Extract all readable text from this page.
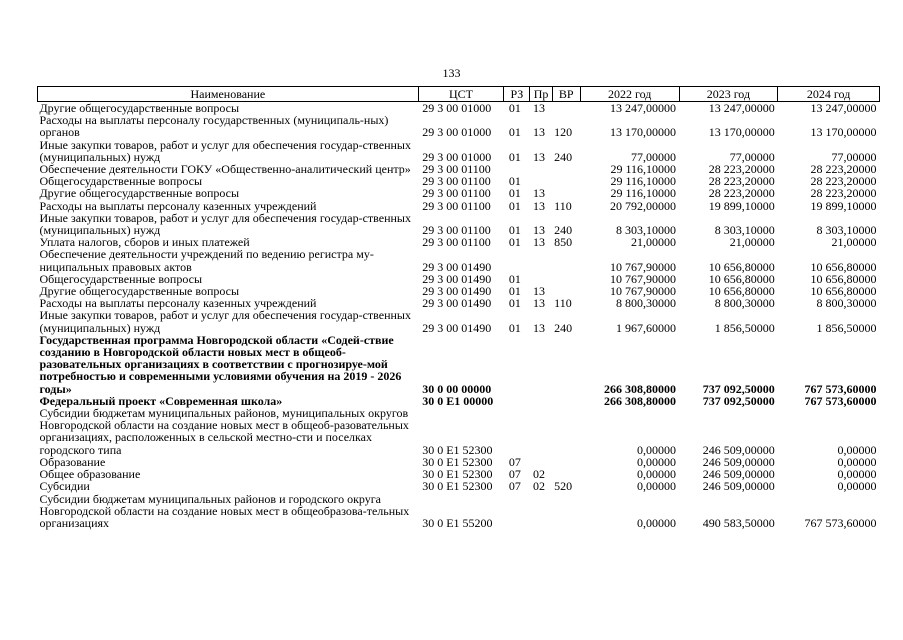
133
Наименование	ЦСТ	РЗ	Пр	ВР	2022 год	2023 год	2024 год
Другие общегосударственные вопросы	29 3 00 01000	01	13		13 247,00000	13 247,00000	13 247,00000
Расходы на выплаты персоналу государственных (муниципаль-ных) органов	29 3 00 01000	01	13	120	13 170,00000	13 170,00000	13 170,00000
Иные закупки товаров, работ и услуг для обеспечения государ-ственных (муниципальных) нужд	29 3 00 01000	01	13	240	77,00000	77,00000	77,00000
Обеспечение деятельности ГОКУ «Общественно-аналитический центр»	29 3 00 01100				29 116,10000	28 223,20000	28 223,20000
Общегосударственные вопросы	29 3 00 01100	01			29 116,10000	28 223,20000	28 223,20000
Другие общегосударственные вопросы	29 3 00 01100	01	13		29 116,10000	28 223,20000	28 223,20000
Расходы на выплаты персоналу казенных учреждений	29 3 00 01100	01	13	110	20 792,00000	19 899,10000	19 899,10000
Иные закупки товаров, работ и услуг для обеспечения государ-ственных (муниципальных) нужд	29 3 00 01100	01	13	240	8 303,10000	8 303,10000	8 303,10000
Уплата налогов, сборов и иных платежей	29 3 00 01100	01	13	850	21,00000	21,00000	21,00000
Обеспечение деятельности учреждений по ведению регистра му-ниципальных правовых актов	29 3 00 01490				10 767,90000	10 656,80000	10 656,80000
Общегосударственные вопросы	29 3 00 01490	01			10 767,90000	10 656,80000	10 656,80000
Другие общегосударственные вопросы	29 3 00 01490	01	13		10 767,90000	10 656,80000	10 656,80000
Расходы на выплаты персоналу казенных учреждений	29 3 00 01490	01	13	110	8 800,30000	8 800,30000	8 800,30000
Иные закупки товаров, работ и услуг для обеспечения государ-ственных (муниципальных) нужд	29 3 00 01490	01	13	240	1 967,60000	1 856,50000	1 856,50000
Государственная программа Новгородской области «Содей-ствие созданию в Новгородской области новых мест в общеоб-разовательных организациях в соответствии с прогнозируе-мой потребностью и современными условиями обучения на 2019 - 2026 годы»	30 0 00 00000				266 308,80000	737 092,50000	767 573,60000
Федеральный проект «Современная школа»	30 0 E1 00000				266 308,80000	737 092,50000	767 573,60000
Субсидии бюджетам муниципальных районов, муниципальных округов Новгородской области на создание новых мест в общеоб-разовательных организациях, расположенных в сельской местно-сти и поселках городского типа	30 0 E1 52300				0,00000	246 509,00000	0,00000
Образование	30 0 E1 52300	07			0,00000	246 509,00000	0,00000
Общее образование	30 0 E1 52300	07	02		0,00000	246 509,00000	0,00000
Субсидии	30 0 E1 52300	07	02	520	0,00000	246 509,00000	0,00000
Субсидии бюджетам муниципальных районов и городского округа Новгородской области на создание новых мест в общеобразова-тельных организациях	30 0 E1 55200				0,00000	490 583,50000	767 573,60000
